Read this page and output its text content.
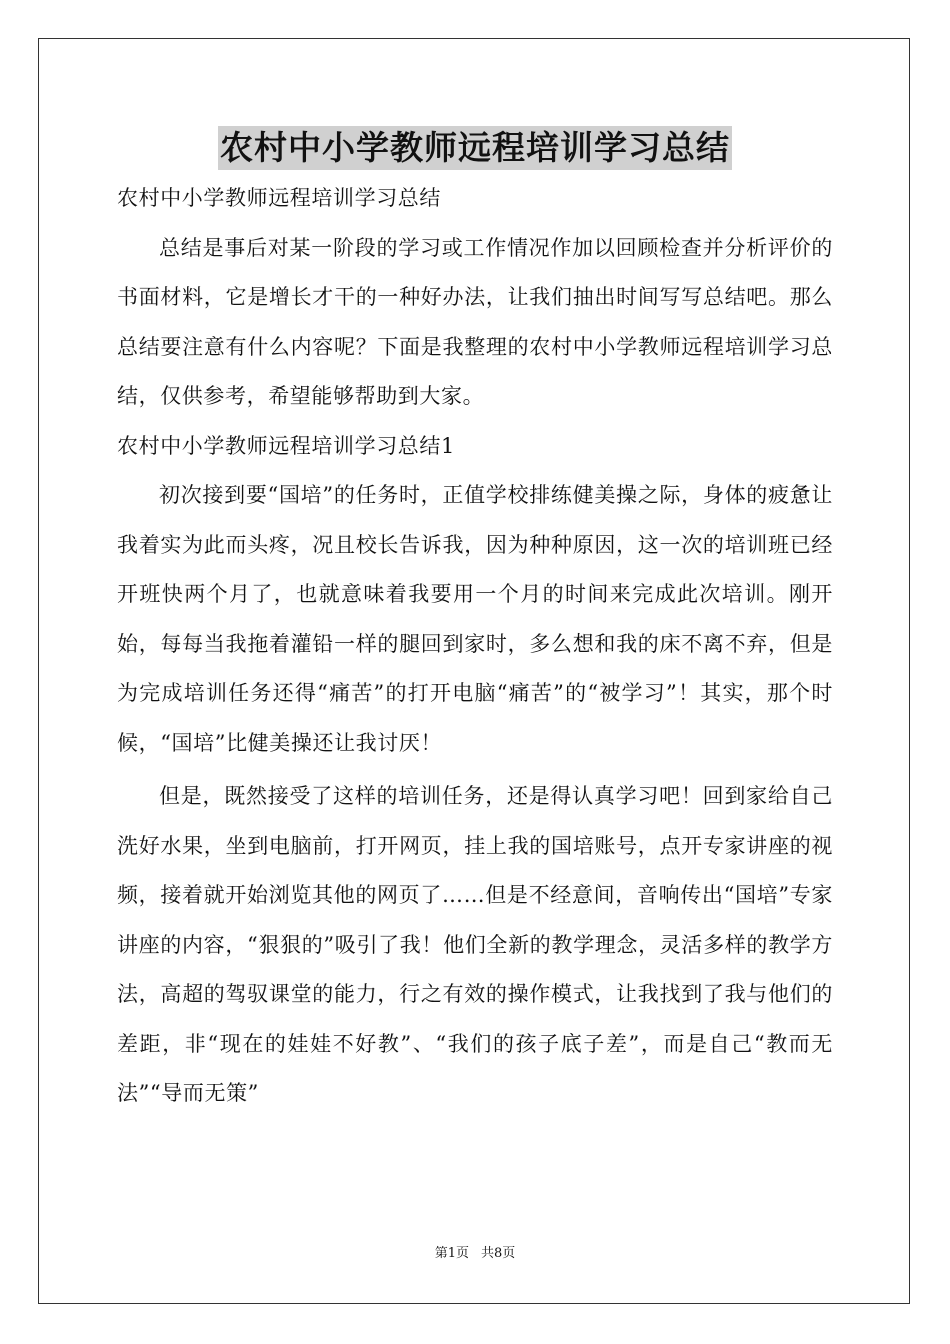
农村中小学教师远程培训学习总结

农村中小学教师远程培训学习总结

总结是事后对某一阶段的学习或工作情况作加以回顾检查并分析评价的书面材料，它是增长才干的一种好办法，让我们抽出时间写写总结吧。那么总结要注意有什么内容呢？下面是我整理的农村中小学教师远程培训学习总结，仅供参考，希望能够帮助到大家。

农村中小学教师远程培训学习总结1

初次接到要“国培”的任务时，正值学校排练健美操之际，身体的疲惫让我着实为此而头疼，况且校长告诉我，因为种种原因，这一次的培训班已经开班快两个月了，也就意味着我要用一个月的时间来完成此次培训。刚开始，每每当我拖着灌铅一样的腿回到家时，多么想和我的床不离不弃，但是为完成培训任务还得“痛苦”的打开电脑“痛苦”的“被学习”！其实，那个时候，“国培”比健美操还让我讨厌！

但是，既然接受了这样的培训任务，还是得认真学习吧！回到家给自己洗好水果，坐到电脑前，打开网页，挂上我的国培账号，点开专家讲座的视频，接着就开始浏览其他的网页了……但是不经意间，音响传出“国培”专家讲座的内容，“狠狠的”吸引了我！他们全新的教学理念，灵活多样的教学方法，高超的驾驭课堂的能力，行之有效的操作模式，让我找到了我与他们的差距，非“现在的娃娃不好教”、“我们的孩子底子差”，而是自己“教而无法”“导而无策”

第1页 共8页
